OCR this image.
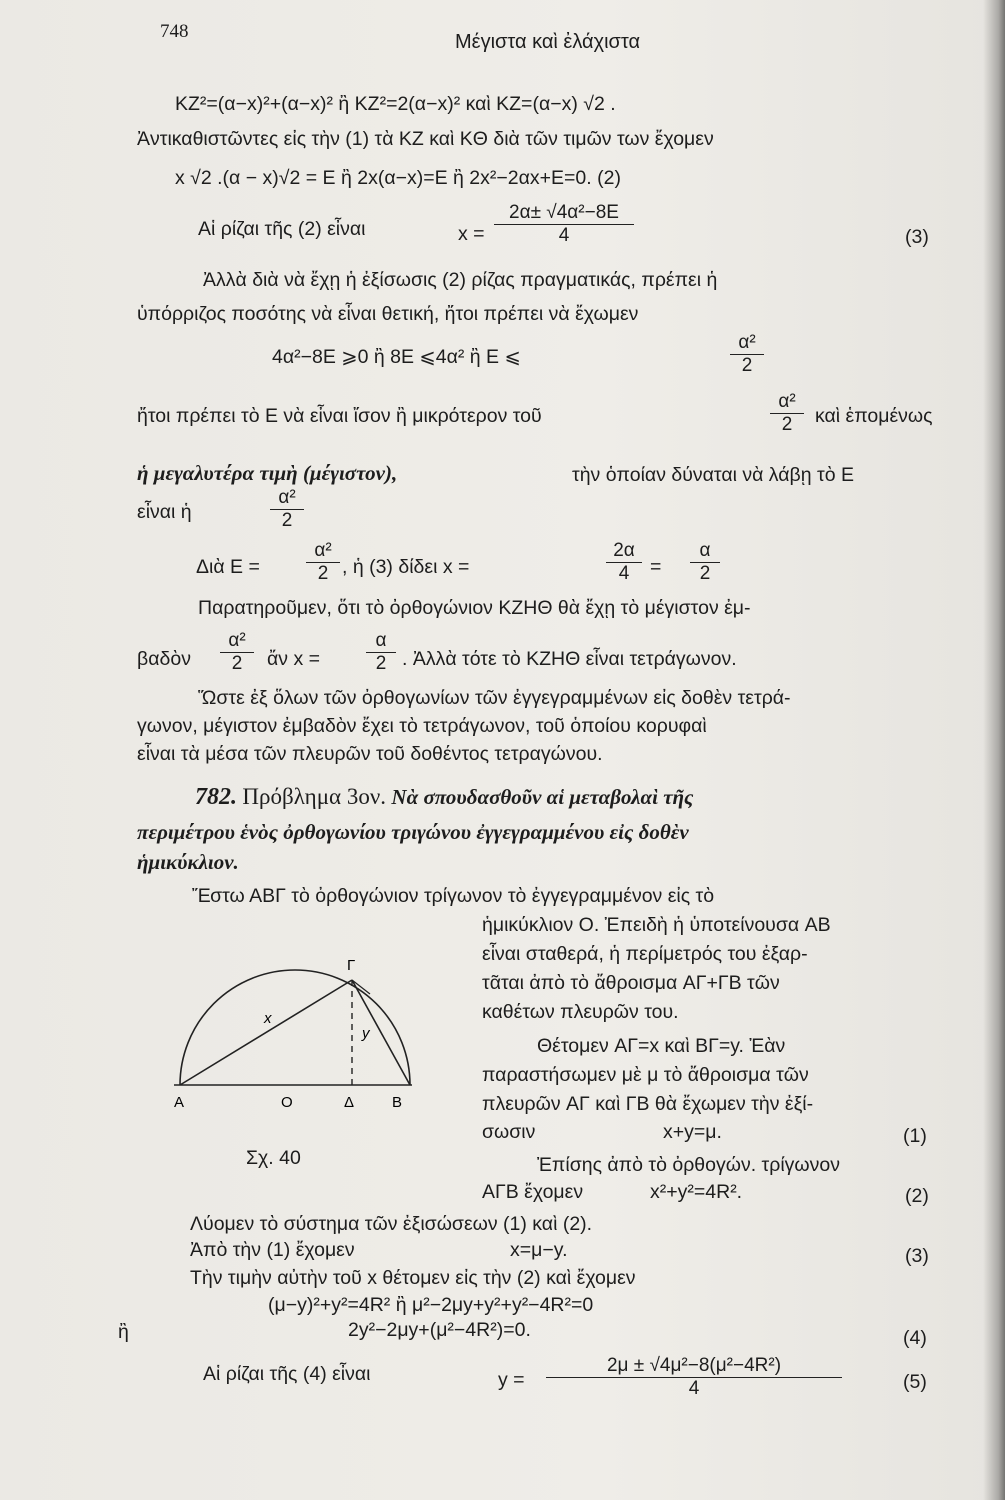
748	Μέγιστα καὶ ἐλάχιστα
KZ²=(α−x)²+(α−x)² ἢ KZ²=2(α−x)² καὶ KZ=(α−x) √2 .
Ἀντικαθιστῶντες εἰς τὴν (1) τὰ KZ καὶ KΘ διὰ τῶν τιμῶν των ἔχομεν
x √2 .(α − x)√2 = E ἢ 2x(α−x)=E ἢ 2x²−2αx+E=0. (2)
Αἱ ρίζαι τῆς (2) εἶναι	$x = \frac{\text{2α± √4α²−8E}}{4}$	(3)
Ἀλλὰ διὰ νὰ ἔχῃ ἡ ἐξίσωσις (2) ρίζας πραγματικάς, πρέπει ἡ
ὑπόρριζος ποσότης νὰ εἶναι θετική, ἤτοι πρέπει νὰ ἔχωμεν
4α²−8E ⩾0 ἢ 8E ⩽4α² ἢ E ⩽	$\frac{\text{α²}}{2}$
ἤτοι πρέπει τὸ E νὰ εἶναι ἴσον ἢ μικρότερον τοῦ	$\frac{\text{α²}}{2}$ καὶ ἑπομένως
ἡ μεγαλυτέρα τιμὴ (μέγιστον),	τὴν ὁποίαν δύναται νὰ λάβῃ τὸ E
εἶναι ἡ	$\frac{\text{α²}}{2}$
Διὰ $E = \frac{\text{α²}}{2}$ , ἡ (3) δίδει x =	$\frac{2\alpha}{4} = \frac{\alpha}{2}$
Παρατηροῦμεν, ὅτι τὸ ὀρθογώνιον KZHΘ θὰ ἔχῃ τὸ μέγιστον ἐμ-
βαδὸν $\frac{\text{α²}}{2}$ ἄν $x = \frac{\alpha}{2}$ . Ἀλλὰ τότε τὸ KZHΘ εἶναι τετράγωνον.
Ὥστε ἐξ ὅλων τῶν ὀρθογωνίων τῶν ἐγγεγραμμένων εἰς δοθὲν τετρά-
γωνον, μέγιστον ἐμβαδὸν ἔχει τὸ τετράγωνον, τοῦ ὁποίου κορυφαὶ
εἶναι τὰ μέσα τῶν πλευρῶν τοῦ δοθέντος τετραγώνου.
782. Πρόβλημα 3ον. Νὰ σπουδασθοῦν αἱ μεταβολαὶ τῆς
περιμέτρου ἑνὸς ὀρθογωνίου τριγώνου ἐγγεγραμμένου εἰς δοθὲν
ἡμικύκλιον.
Ἔστω ΑΒΓ τὸ ὀρθογώνιον τρίγωνον τὸ ἐγγεγραμμένον εἰς τὸ
ἡμικύκλιον O. Ἐπειδὴ ἡ ὑποτείνουσα AB
εἶναι σταθερά, ἡ περίμετρός του ἐξαρ-
τᾶται ἀπὸ τὸ ἄθροισμα AΓ+ΓB τῶν
καθέτων πλευρῶν του.
Θέτομεν AΓ=x καὶ BΓ=y. Ἐὰν
παραστήσωμεν μὲ μ τὸ ἄθροισμα τῶν
πλευρῶν AΓ καὶ ΓB θὰ ἔχωμεν τὴν ἐξί-
σωσιν	x+y=μ.	(1)
Ἐπίσης ἀπὸ τὸ ὀρθογών. τρίγωνον
AΓB ἔχομεν	x²+y²=4R².	(2)
Λύομεν τὸ σύστημα τῶν ἐξισώσεων (1) καὶ (2).
Ἀπὸ τὴν (1) ἔχομεν	x=μ−y.	(3)
Τὴν τιμὴν αὐτὴν τοῦ x θέτομεν εἰς τὴν (2) καὶ ἔχομεν
(μ−y)²+y²=4R² ἢ μ²−2μy+y²+y²−4R²=0
ἢ	2y²−2μy+(μ²−4R²)=0.	(4)
Αἱ ρίζαι τῆς (4) εἶναι	$y = \frac{\text{2μ ± √4μ²−8(μ²−4R²)}}{4}$	(5)
A	O	Δ	B
Γ
x
y
Σχ. 40
